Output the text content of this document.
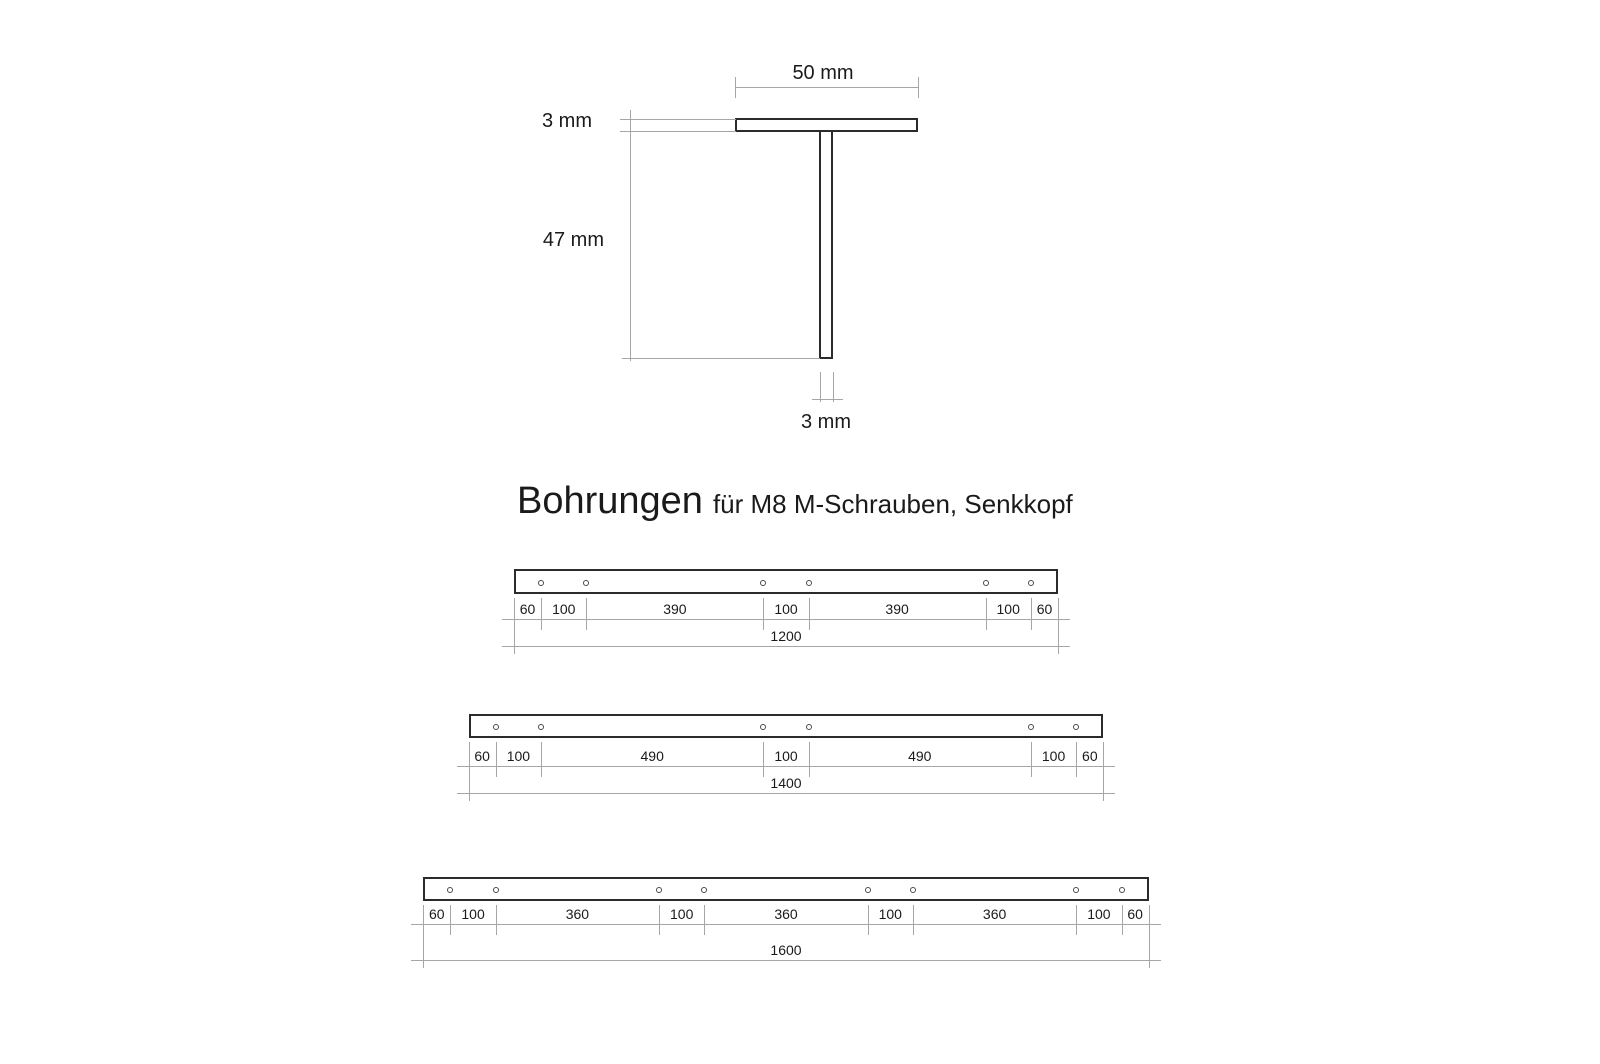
50 mm
3 mm
47 mm
3 mm
Bohrungen für M8 M-Schrauben, Senkkopf
60	100	390	100	390	100	60
1200
60	100	490	100	490	100	60
1400
60	100	360	100	360	100	360	100	60
1600
